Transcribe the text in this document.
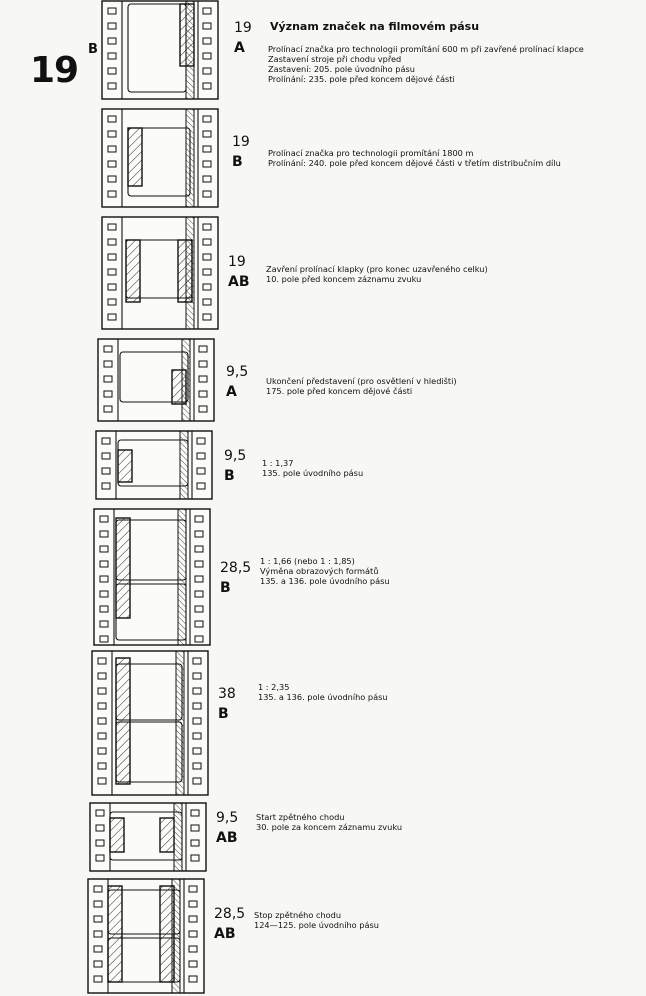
19
B
Význam značek na filmovém pásu
19
A	Prolínací značka pro technologii promítání 600 m při zavřené prolínací klapce
Zastavení stroje při chodu vpřed
Zastavení: 205. pole úvodního pásu
Prolínání: 235. pole před koncem dějové části
19
B
Prolínací značka pro technologii promítání 1800 m
Prolínání: 240. pole před koncem dějové části v třetím distribučním dílu
19
AB
Zavření prolínací klapky (pro konec uzavřeného celku)
10. pole před koncem záznamu zvuku
9,5
A
Ukončení představení (pro osvětlení v hledišti)
175. pole před koncem dějové části
9,5
B
1 : 1,37
135. pole úvodního pásu
28,5
B
1 : 1,66 (nebo 1 : 1,85)
Výměna obrazových formátů
135. a 136. pole úvodního pásu
38
B
1 : 2,35
135. a 136. pole úvodního pásu
9,5
AB
Start zpětného chodu
30. pole za koncem záznamu zvuku
28,5
AB
Stop zpětného chodu
124—125. pole úvodního pásu
